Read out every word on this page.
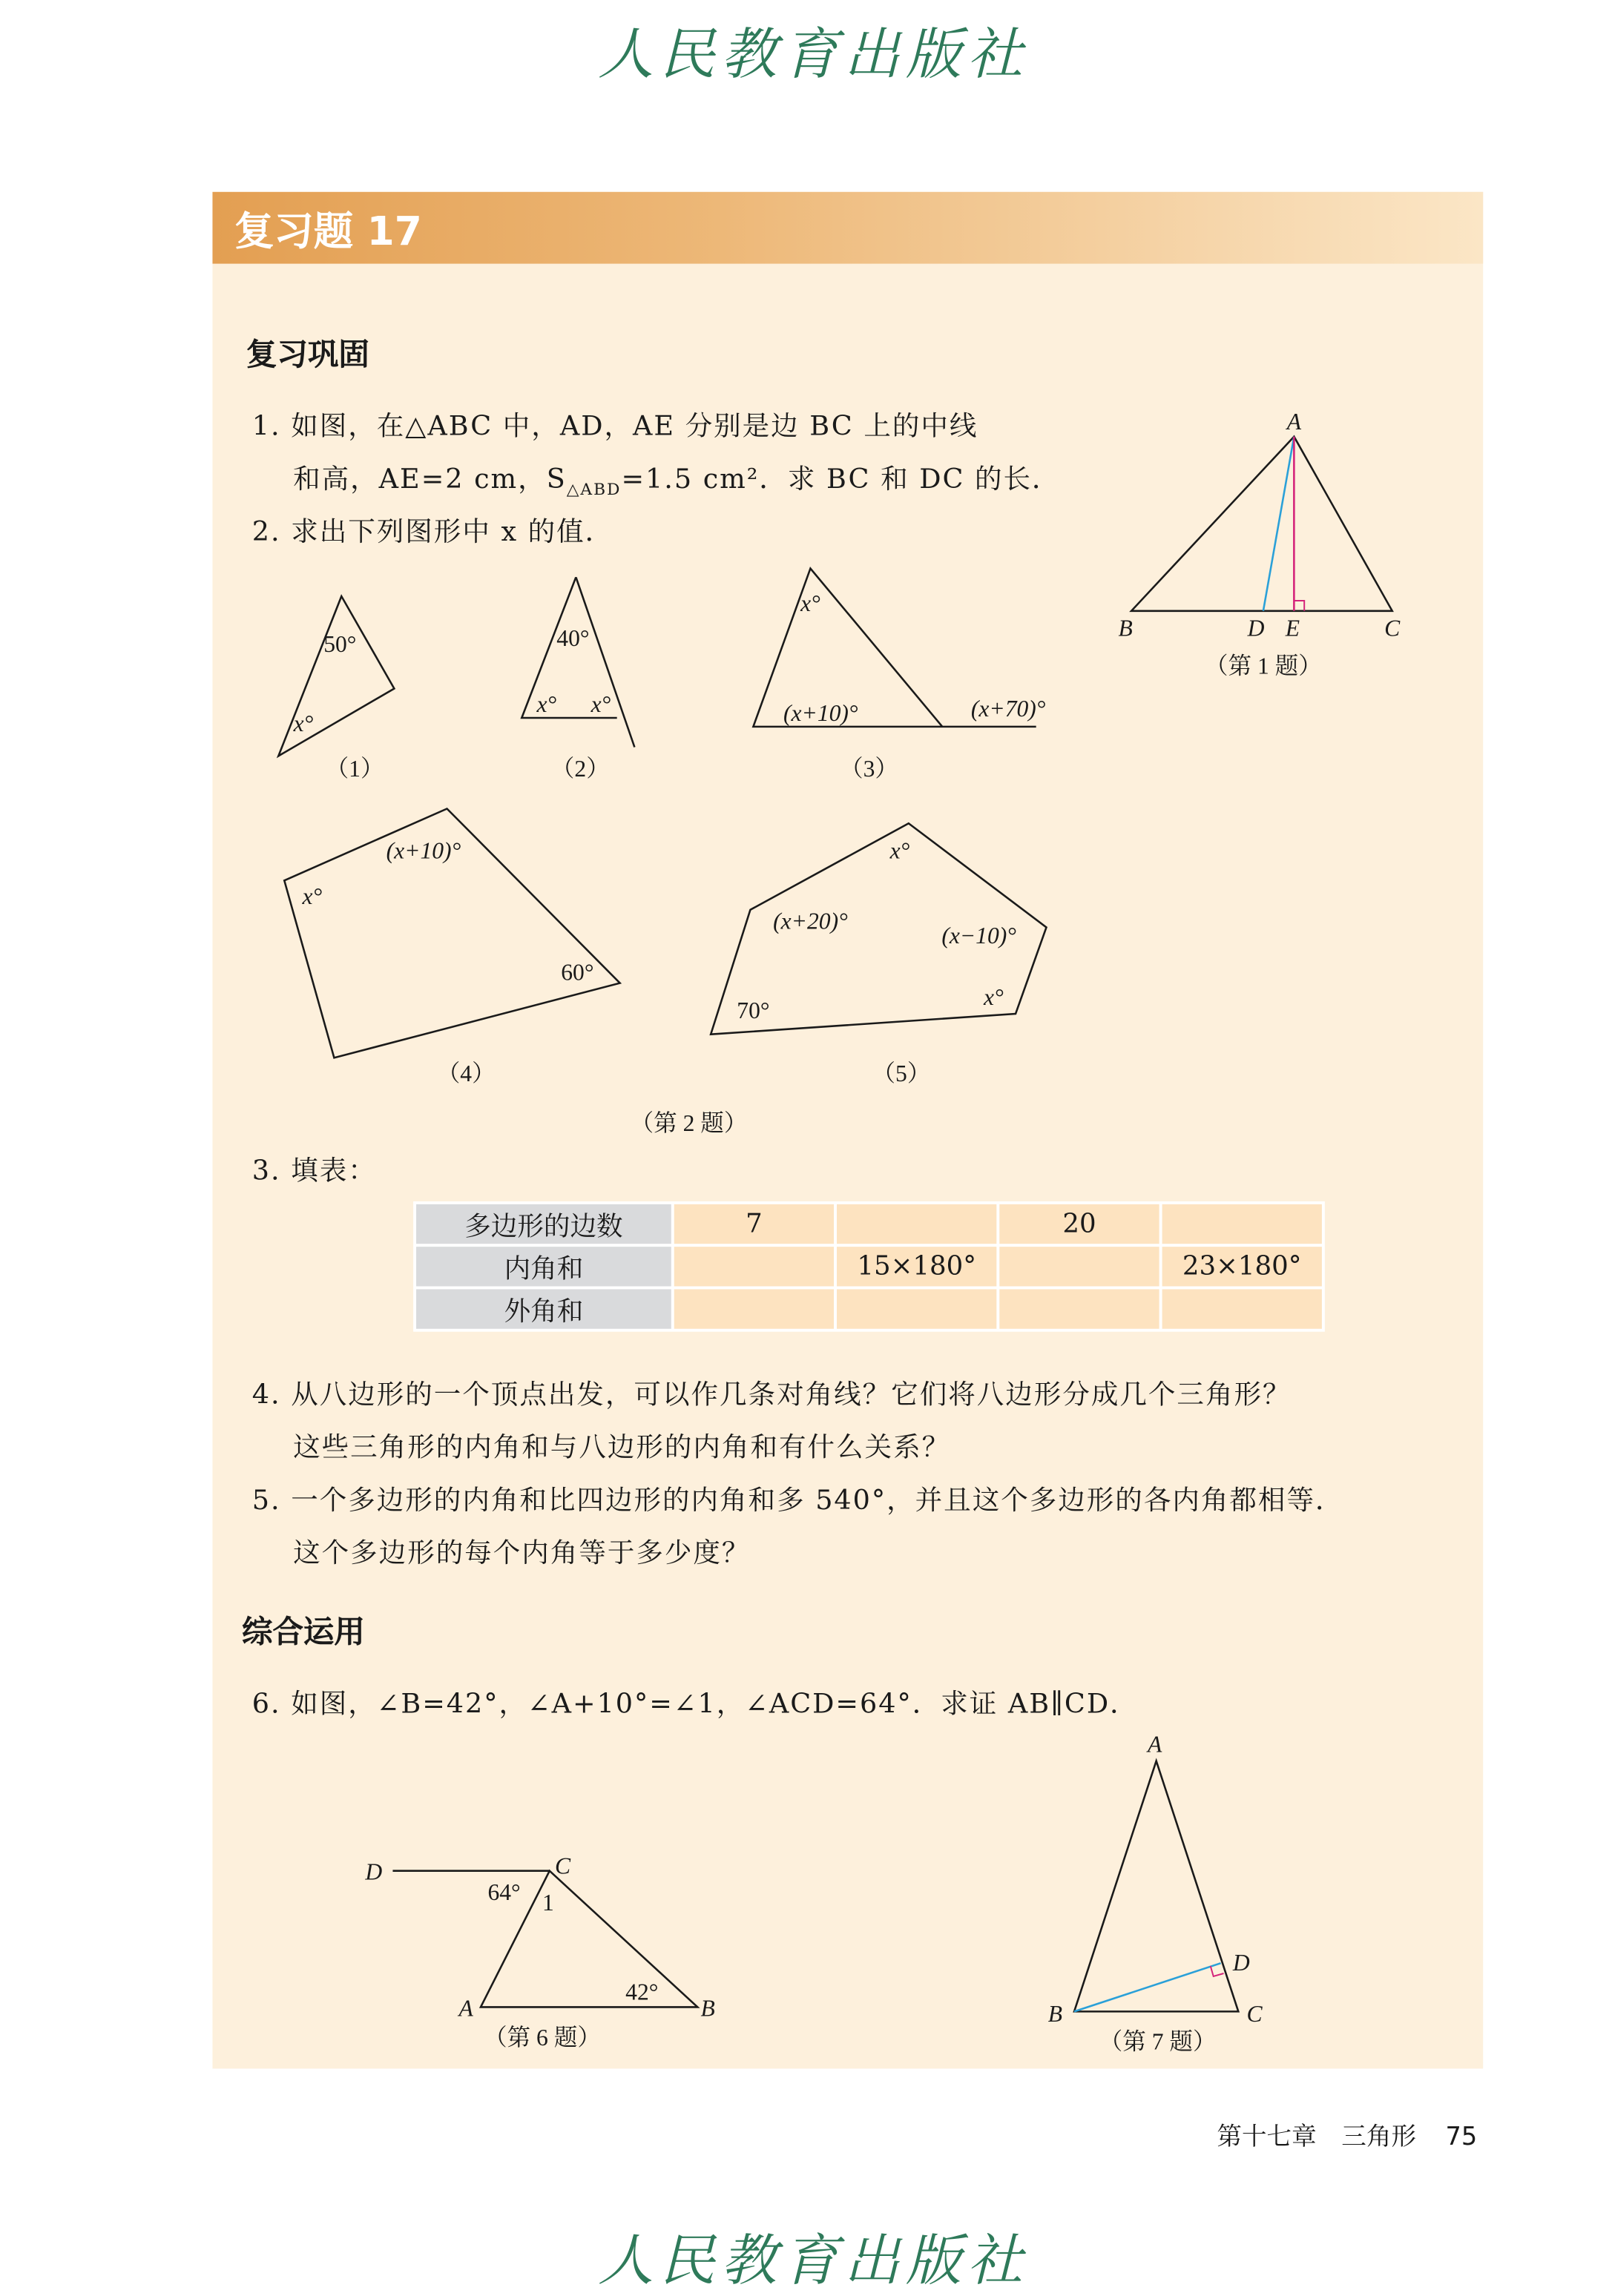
人民教育出版社
复习题 17
复习巩固
1. 如图，在△ABC 中，AD，AE 分别是边 BC 上的中线
和高，AE=2 cm，$S_{\triangle ABD}=1.5$ cm²．求 BC 和 DC 的长．
2. 求出下列图形中 x 的值．
3. 填表：
多边形的边数	7		20	
内角和		15×180°		23×180°
外角和				
4. 从八边形的一个顶点出发，可以作几条对角线？它们将八边形分成几个三角形？
这些三角形的内角和与八边形的内角和有什么关系？
5. 一个多边形的内角和比四边形的内角和多 540°，并且这个多边形的各内角都相等．
这个多边形的每个内角等于多少度？
综合运用
6. 如图，∠B=42°，∠A+10°=∠1，∠ACD=64°．求证 AB∥CD．
A
B	D E	C
（第 1 题）
50°
x°
（1）
40°
x°	x°
（2）
x°
(x+10)°	(x+70)°
（3）
x°
(x+10)°
60°
（4）
x°
(x+20)°
(x−10)°
x°
70°
（5）
（第 2 题）
D	C
64° 1
42°
A	B
（第 6 题）
A
B	C
D
（第 7 题）
第十七章　三角形 75
人民教育出版社
